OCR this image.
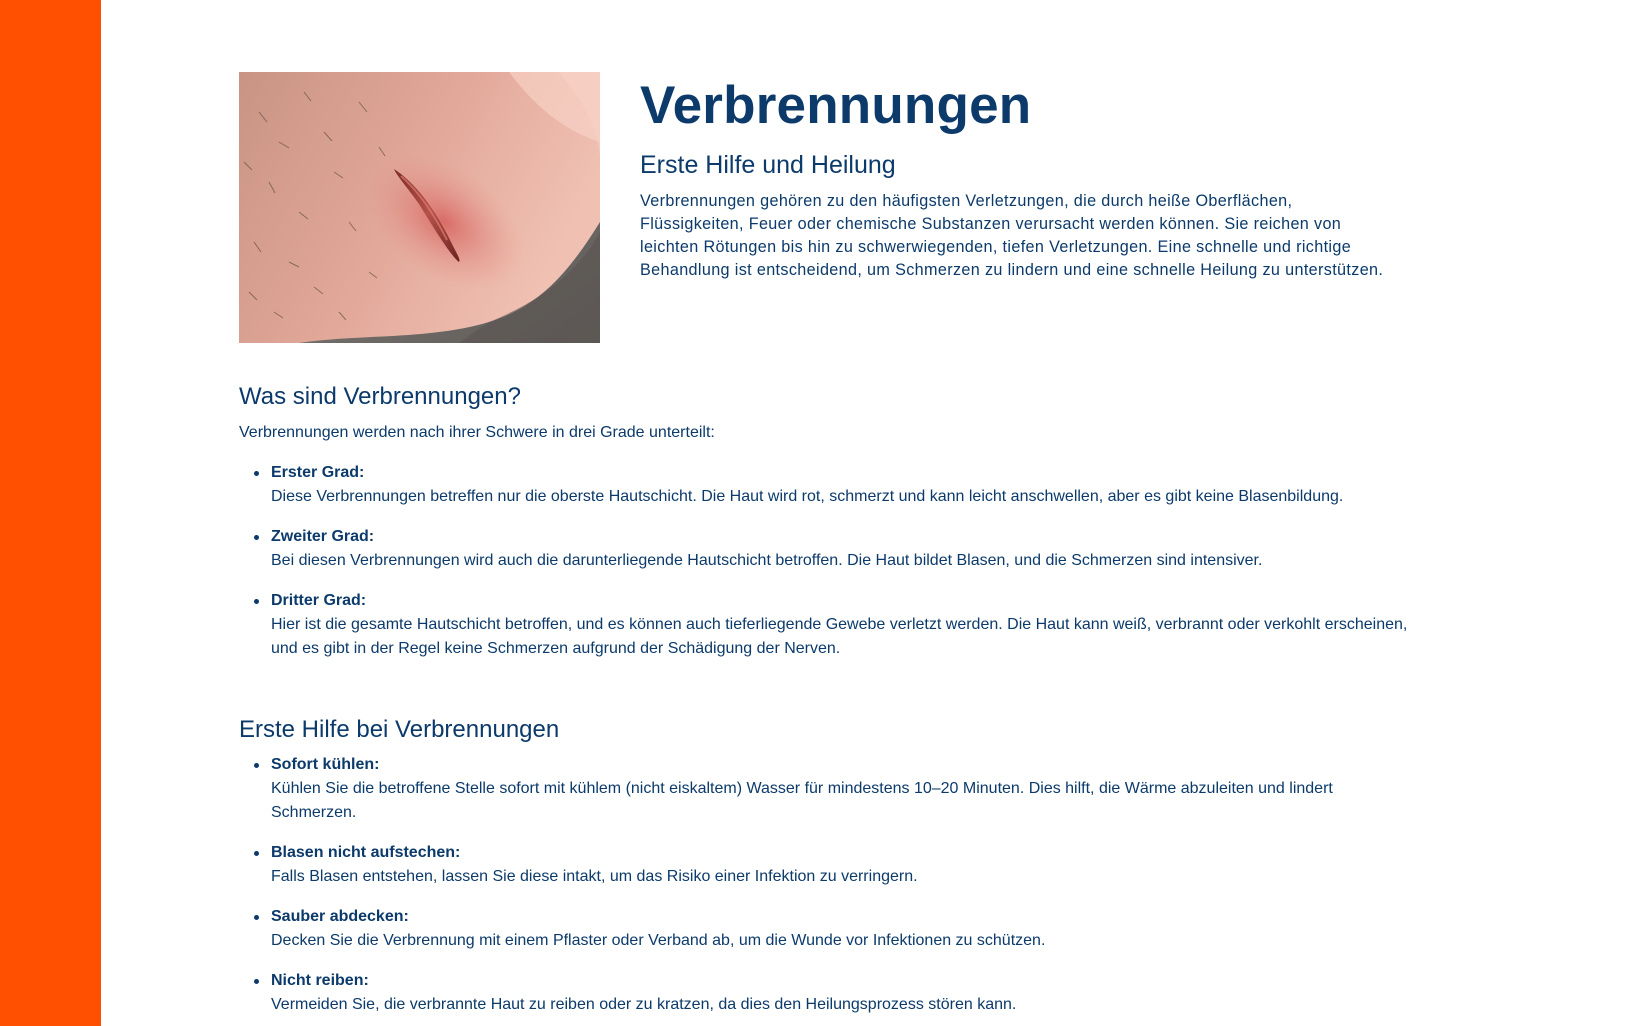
Verbrennungen
Erste Hilfe und Heilung

Verbrennungen gehören zu den häufigsten Verletzungen, die durch heiße Oberflächen, Flüssigkeiten, Feuer oder chemische Substanzen verursacht werden können. Sie reichen von leichten Rötungen bis hin zu schwerwiegenden, tiefen Verletzungen. Eine schnelle und richtige Behandlung ist entscheidend, um Schmerzen zu lindern und eine schnelle Heilung zu unterstützen.

Was sind Verbrennungen?

Verbrennungen werden nach ihrer Schwere in drei Grade unterteilt:

Erster Grad:
Diese Verbrennungen betreffen nur die oberste Hautschicht. Die Haut wird rot, schmerzt und kann leicht anschwellen, aber es gibt keine Blasenbildung.
Zweiter Grad:
Bei diesen Verbrennungen wird auch die darunterliegende Hautschicht betroffen. Die Haut bildet Blasen, und die Schmerzen sind intensiver.
Dritter Grad:
Hier ist die gesamte Hautschicht betroffen, und es können auch tieferliegende Gewebe verletzt werden. Die Haut kann weiß, verbrannt oder verkohlt erscheinen, und es gibt in der Regel keine Schmerzen aufgrund der Schädigung der Nerven.
Erste Hilfe bei Verbrennungen
Sofort kühlen:
Kühlen Sie die betroffene Stelle sofort mit kühlem (nicht eiskaltem) Wasser für mindestens 10–20 Minuten. Dies hilft, die Wärme abzuleiten und lindert Schmerzen.
Blasen nicht aufstechen:
Falls Blasen entstehen, lassen Sie diese intakt, um das Risiko einer Infektion zu verringern.
Sauber abdecken:
Decken Sie die Verbrennung mit einem Pflaster oder Verband ab, um die Wunde vor Infektionen zu schützen.
Nicht reiben:
Vermeiden Sie, die verbrannte Haut zu reiben oder zu kratzen, da dies den Heilungsprozess stören kann.
